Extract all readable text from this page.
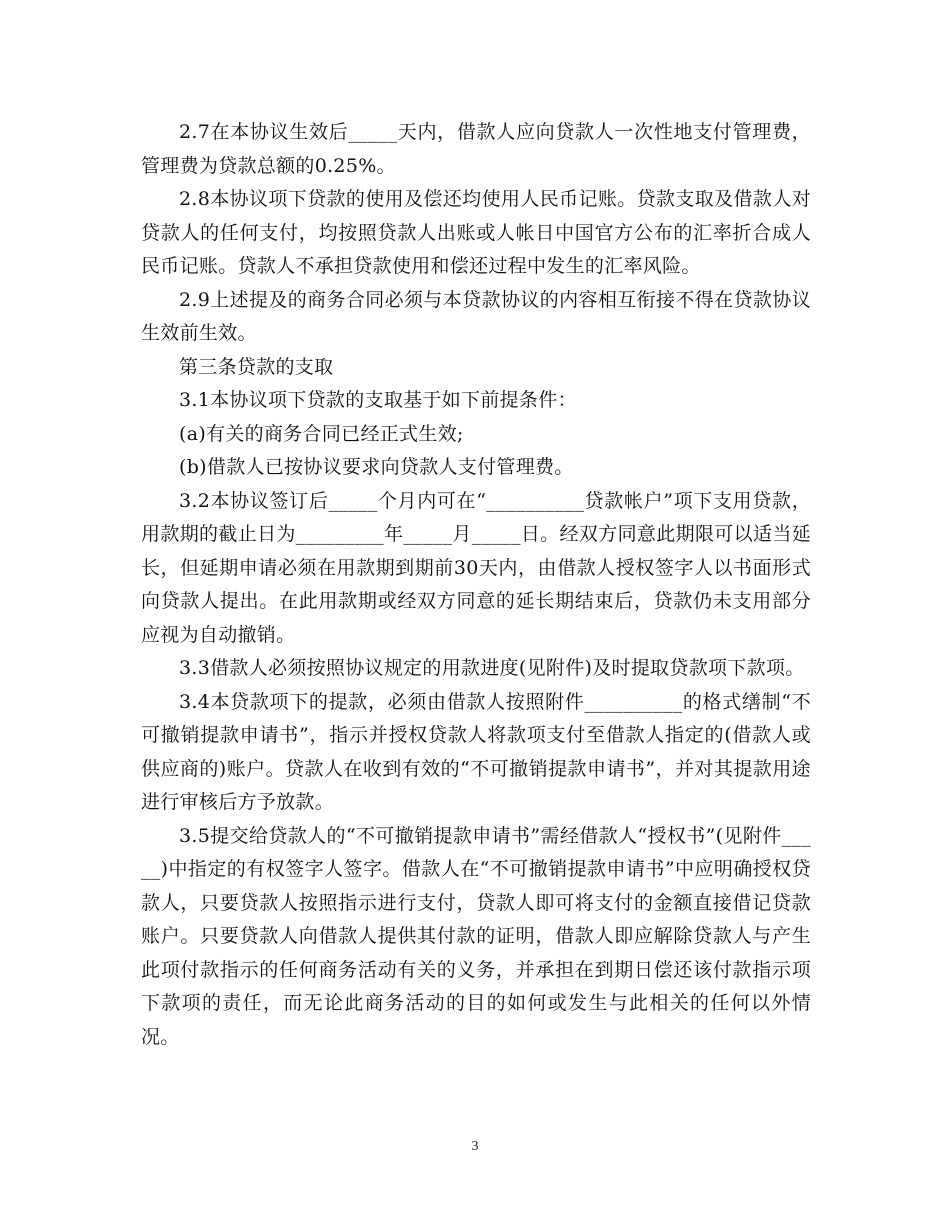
2.7在本协议生效后_____天内，借款人应向贷款人一次性地支付管理费，管理费为贷款总额的0.25%。

2.8本协议项下贷款的使用及偿还均使用人民币记账。贷款支取及借款人对贷款人的任何支付，均按照贷款人出账或人帐日中国官方公布的汇率折合成人民币记账。贷款人不承担贷款使用和偿还过程中发生的汇率风险。

2.9上述提及的商务合同必须与本贷款协议的内容相互衔接不得在贷款协议生效前生效。

第三条贷款的支取

3.1本协议项下贷款的支取基于如下前提条件：

(a)有关的商务合同已经正式生效;

(b)借款人已按协议要求向贷款人支付管理费。

3.2本协议签订后_____个月内可在“__________贷款帐户”项下支用贷款，用款期的截止日为_________年_____月_____日。经双方同意此期限可以适当延长，但延期申请必须在用款期到期前30天内，由借款人授权签字人以书面形式向贷款人提出。在此用款期或经双方同意的延长期结束后，贷款仍未支用部分应视为自动撤销。

3.3借款人必须按照协议规定的用款进度(见附件)及时提取贷款项下款项。

3.4本贷款项下的提款，必须由借款人按照附件__________的格式缮制“不可撤销提款申请书”，指示并授权贷款人将款项支付至借款人指定的(借款人或供应商的)账户。贷款人在收到有效的“不可撤销提款申请书”，并对其提款用途进行审核后方予放款。

3.5提交给贷款人的“不可撤销提款申请书”需经借款人“授权书”(见附件_____)中指定的有权签字人签字。借款人在“不可撤销提款申请书”中应明确授权贷款人，只要贷款人按照指示进行支付，贷款人即可将支付的金额直接借记贷款账户。只要贷款人向借款人提供其付款的证明，借款人即应解除贷款人与产生此项付款指示的任何商务活动有关的义务，并承担在到期日偿还该付款指示项下款项的责任，而无论此商务活动的目的如何或发生与此相关的任何以外情况。

3
